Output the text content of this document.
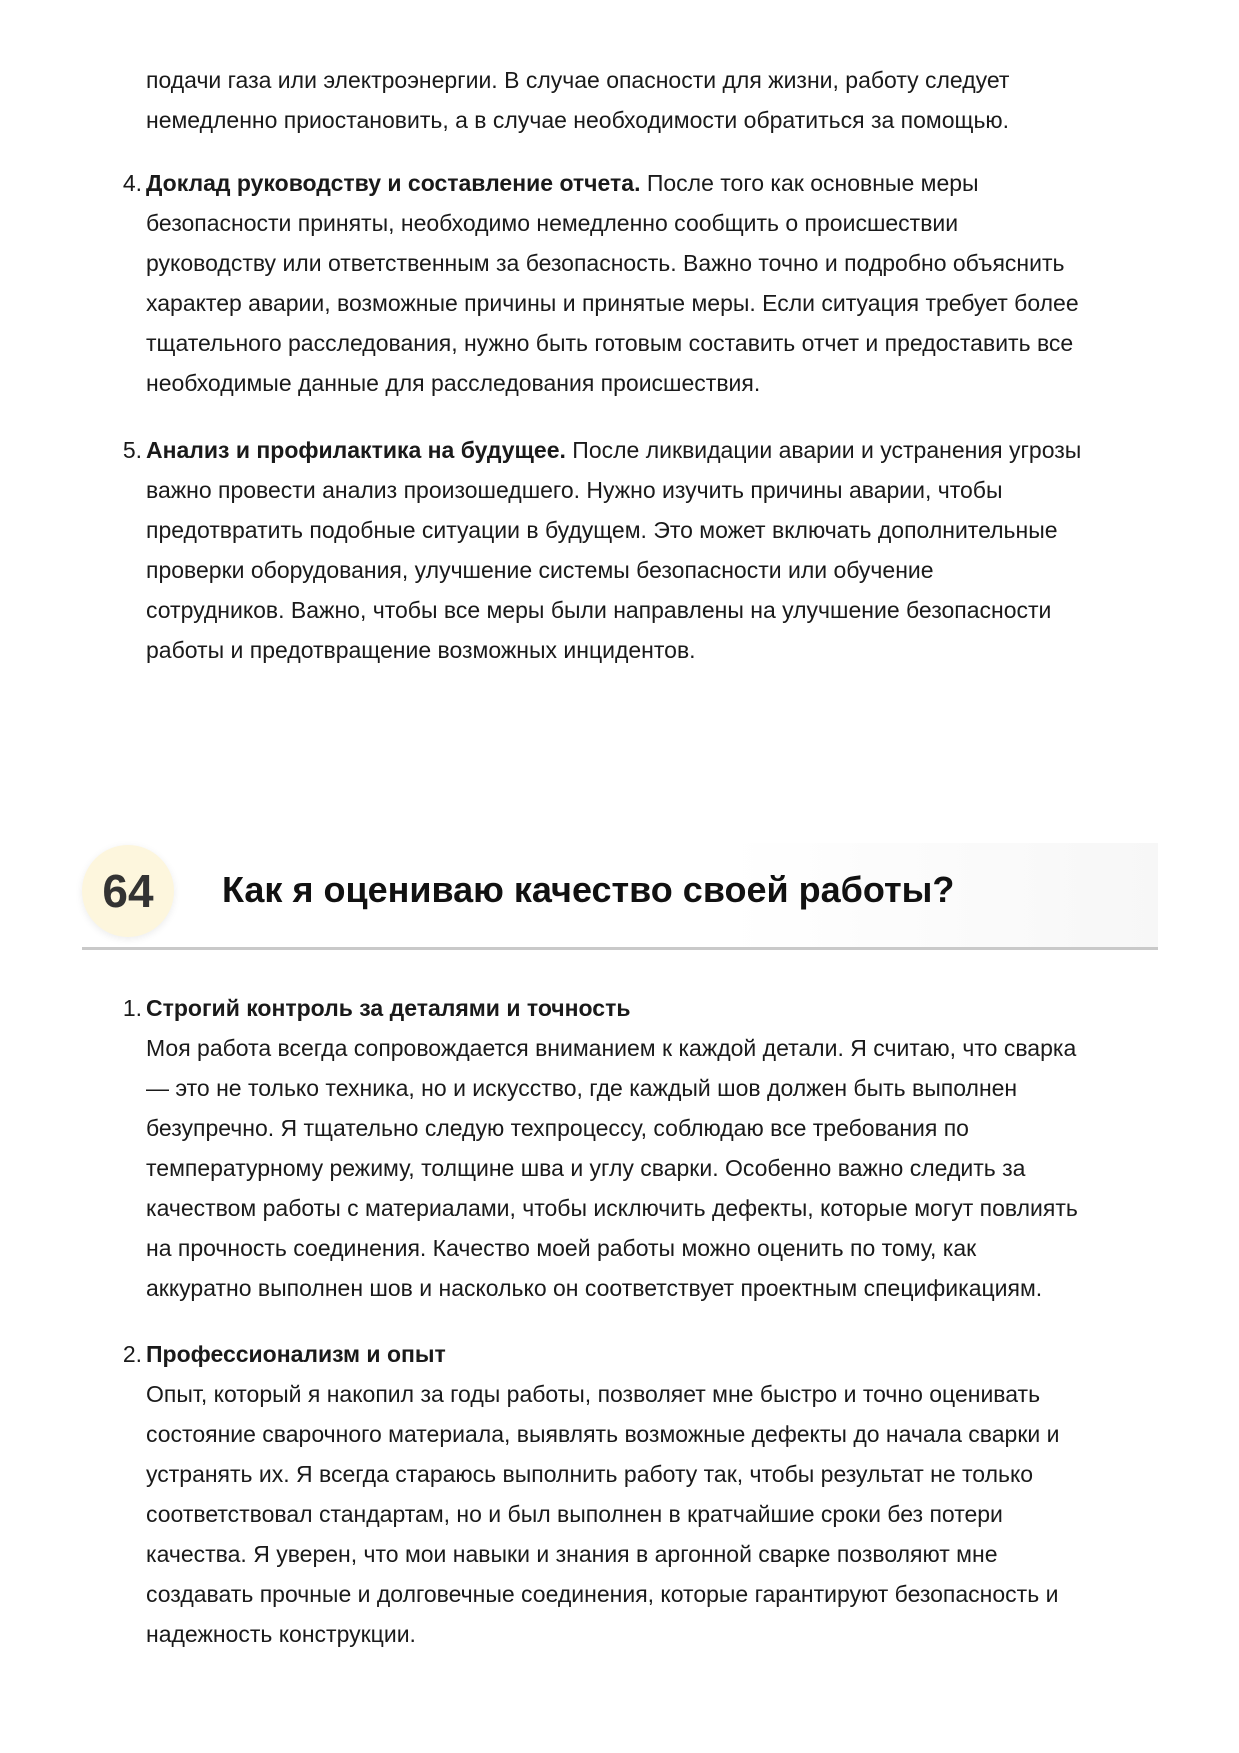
подачи газа или электроэнергии. В случае опасности для жизни, работу следует
немедленно приостановить, а в случае необходимости обратиться за помощью.
4. Доклад руководству и составление отчета. После того как основные меры
безопасности приняты, необходимо немедленно сообщить о происшествии
руководству или ответственным за безопасность. Важно точно и подробно объяснить
характер аварии, возможные причины и принятые меры. Если ситуация требует более
тщательного расследования, нужно быть готовым составить отчет и предоставить все
необходимые данные для расследования происшествия.
5. Анализ и профилактика на будущее. После ликвидации аварии и устранения угрозы
важно провести анализ произошедшего. Нужно изучить причины аварии, чтобы
предотвратить подобные ситуации в будущем. Это может включать дополнительные
проверки оборудования, улучшение системы безопасности или обучение
сотрудников. Важно, чтобы все меры были направлены на улучшение безопасности
работы и предотвращение возможных инцидентов.
64	Как я оцениваю качество своей работы?
1. Строгий контроль за деталями и точность
Моя работа всегда сопровождается вниманием к каждой детали. Я считаю, что сварка
— это не только техника, но и искусство, где каждый шов должен быть выполнен
безупречно. Я тщательно следую техпроцессу, соблюдаю все требования по
температурному режиму, толщине шва и углу сварки. Особенно важно следить за
качеством работы с материалами, чтобы исключить дефекты, которые могут повлиять
на прочность соединения. Качество моей работы можно оценить по тому, как
аккуратно выполнен шов и насколько он соответствует проектным спецификациям.
2. Профессионализм и опыт
Опыт, который я накопил за годы работы, позволяет мне быстро и точно оценивать
состояние сварочного материала, выявлять возможные дефекты до начала сварки и
устранять их. Я всегда стараюсь выполнить работу так, чтобы результат не только
соответствовал стандартам, но и был выполнен в кратчайшие сроки без потери
качества. Я уверен, что мои навыки и знания в аргонной сварке позволяют мне
создавать прочные и долговечные соединения, которые гарантируют безопасность и
надежность конструкции.
